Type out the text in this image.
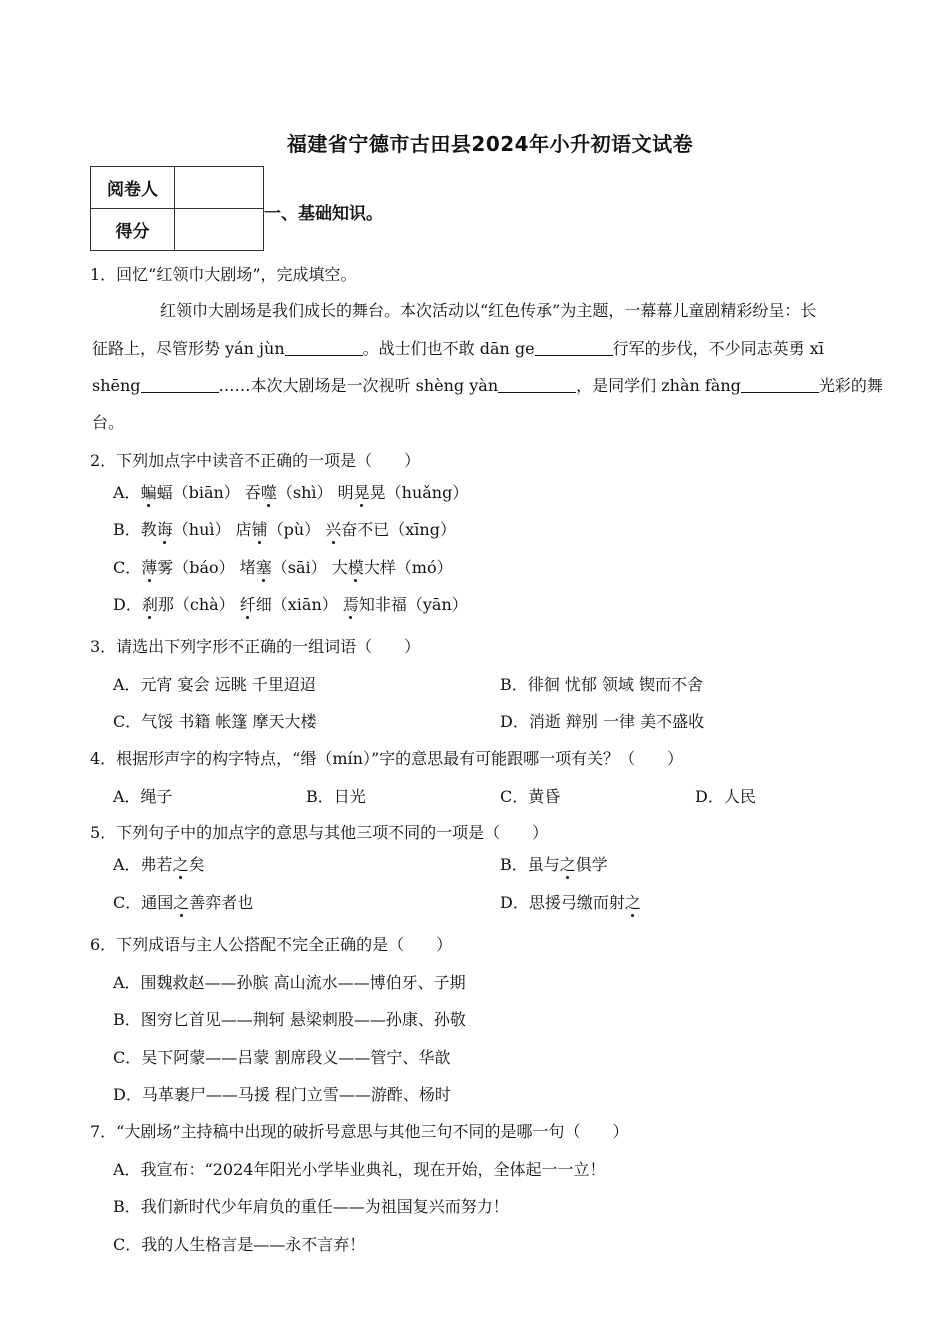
福建省宁德市古田县2024年小升初语文试卷
阅卷人	
得分	
一、基础知识。
1．回忆“红领巾大剧场”，完成填空。
红领巾大剧场是我们成长的舞台。本次活动以“红色传承”为主题，一幕幕儿童剧精彩纷呈：长
征路上，尽管形势 yán jùn	。战士们也不敢 dān ge	行军的步伐，不少同志英勇 xī
shēng	……本次大剧场是一次视听 shèng yàn	，是同学们 zhàn fàng	光彩的舞
台。
2．下列加点字中读音不正确的一项是（　　）
A．蝙蝠（biān） 吞噬（shì） 明晃晃（huǎng）
B．教诲（huì） 店铺（pù） 兴奋不已（xīng）
C．薄雾（báo） 堵塞（sāi） 大模大样（mó）
D．刹那（chà） 纤细（xiān） 焉知非福（yān）
3．请选出下列字形不正确的一组词语（　　）
A．元宵 宴会 远眺 千里迢迢	B．徘徊 忧郁 领域 锲而不舍
C．气馁 书籍 帐篷 摩天大楼	D．消逝 辩别 一律 美不盛收
4．根据形声字的构字特点，“缗（mín）”字的意思最有可能跟哪一项有关？（　　）
A．绳子	B．日光	C．黄昏	D．人民
5．下列句子中的加点字的意思与其他三项不同的一项是（　　）
A．弗若之矣	B．虽与之俱学
C．通国之善弈者也	D．思援弓缴而射之
6．下列成语与主人公搭配不完全正确的是（　　）
A．围魏救赵——孙膑 高山流水——博伯牙、子期
B．图穷匕首见——荆轲 悬梁刺股——孙康、孙敬
C．吴下阿蒙——吕蒙 割席段义——管宁、华歆
D．马革裹尸——马援 程门立雪——游酢、杨时
7．“大剧场”主持稿中出现的破折号意思与其他三句不同的是哪一句（　　）
A．我宣布：“2024年阳光小学毕业典礼，现在开始，全体起一一立！
B．我们新时代少年肩负的重任——为祖国复兴而努力！
C．我的人生格言是——永不言弃！
